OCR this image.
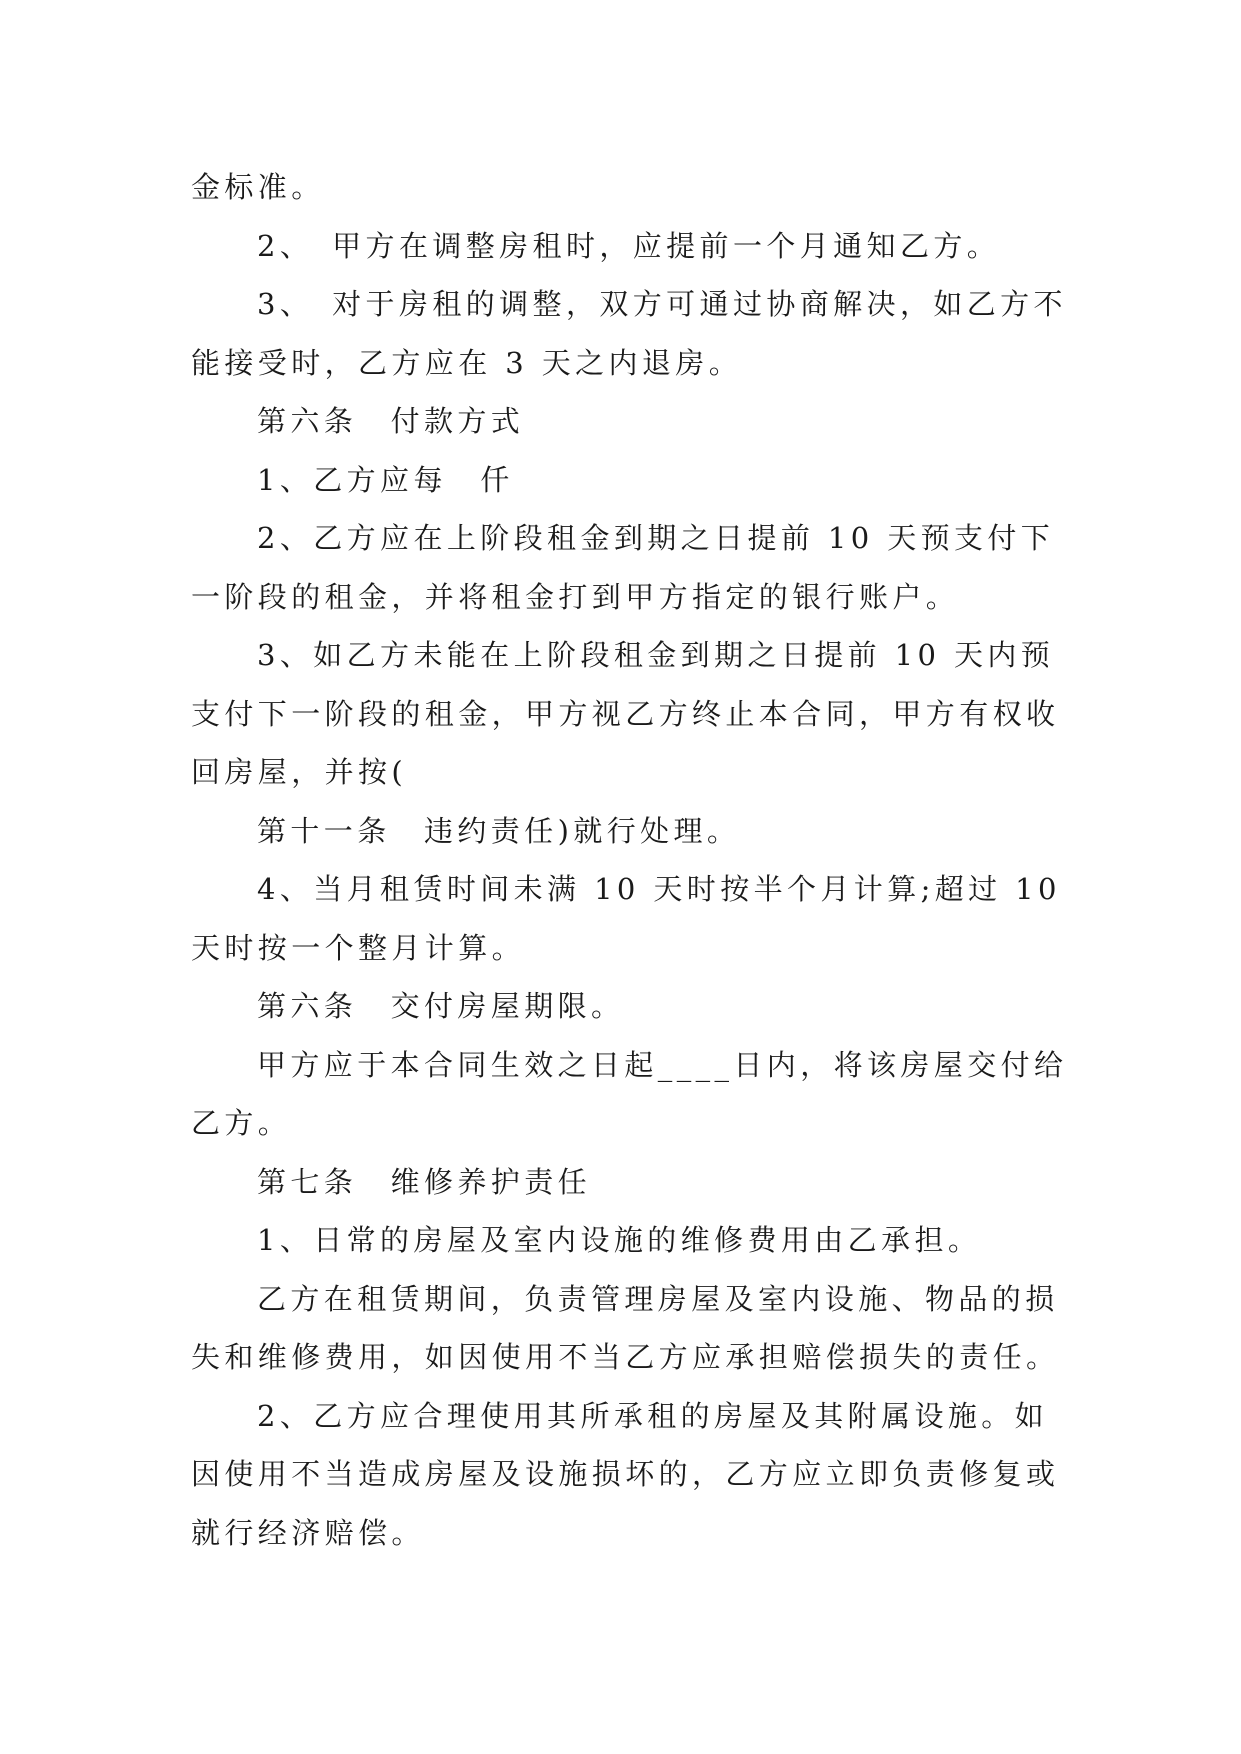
金标准。

2、　甲方在调整房租时，应提前一个月通知乙方。

3、　对于房租的调整，双方可通过协商解决，如乙方不能接受时，乙方应在 3 天之内退房。

第六条　付款方式

1、乙方应每　仟

2、乙方应在上阶段租金到期之日提前 10 天预支付下一阶段的租金，并将租金打到甲方指定的银行账户。

3、如乙方未能在上阶段租金到期之日提前 10 天内预支付下一阶段的租金，甲方视乙方终止本合同，甲方有权收回房屋，并按(

第十一条　违约责任)就行处理。

4、当月租赁时间未满 10 天时按半个月计算;超过 10 天时按一个整月计算。

第六条　交付房屋期限。

甲方应于本合同生效之日起____日内，将该房屋交付给乙方。

第七条　维修养护责任

1、日常的房屋及室内设施的维修费用由乙承担。

乙方在租赁期间，负责管理房屋及室内设施、物品的损失和维修费用，如因使用不当乙方应承担赔偿损失的责任。

2、乙方应合理使用其所承租的房屋及其附属设施。如因使用不当造成房屋及设施损坏的，乙方应立即负责修复或就行经济赔偿。
